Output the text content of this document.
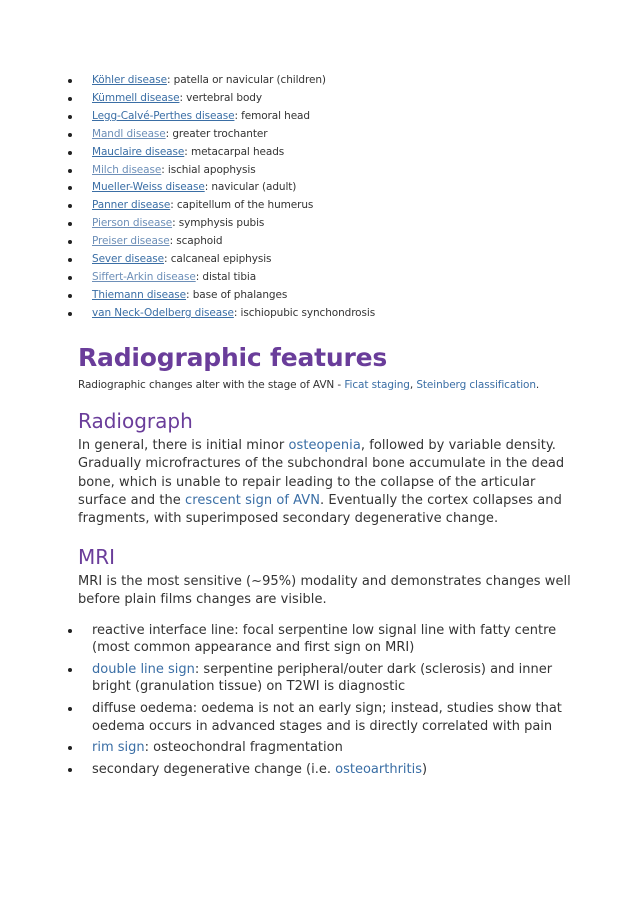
Köhler disease: patella or navicular (children)
Kümmell disease: vertebral body
Legg-Calvé-Perthes disease: femoral head
Mandl disease: greater trochanter
Mauclaire disease: metacarpal heads
Milch disease: ischial apophysis
Mueller-Weiss disease: navicular (adult)
Panner disease: capitellum of the humerus
Pierson disease: symphysis pubis
Preiser disease: scaphoid
Sever disease: calcaneal epiphysis
Siffert-Arkin disease: distal tibia
Thiemann disease: base of phalanges
van Neck-Odelberg disease: ischiopubic synchondrosis
Radiographic features

Radiographic changes alter with the stage of AVN - Ficat staging, Steinberg classification.

Radiograph

In general, there is initial minor osteopenia, followed by variable density. Gradually microfractures of the subchondral bone accumulate in the dead bone, which is unable to repair leading to the collapse of the articular surface and the crescent sign of AVN. Eventually the cortex collapses and fragments, with superimposed secondary degenerative change.

MRI

MRI is the most sensitive (~95%) modality and demonstrates changes well before plain films changes are visible.

reactive interface line: focal serpentine low signal line with fatty centre (most common appearance and first sign on MRI)
double line sign: serpentine peripheral/outer dark (sclerosis) and inner bright (granulation tissue) on T2WI is diagnostic
diffuse oedema: oedema is not an early sign; instead, studies show that oedema occurs in advanced stages and is directly correlated with pain
rim sign: osteochondral fragmentation
secondary degenerative change (i.e. osteoarthritis)
